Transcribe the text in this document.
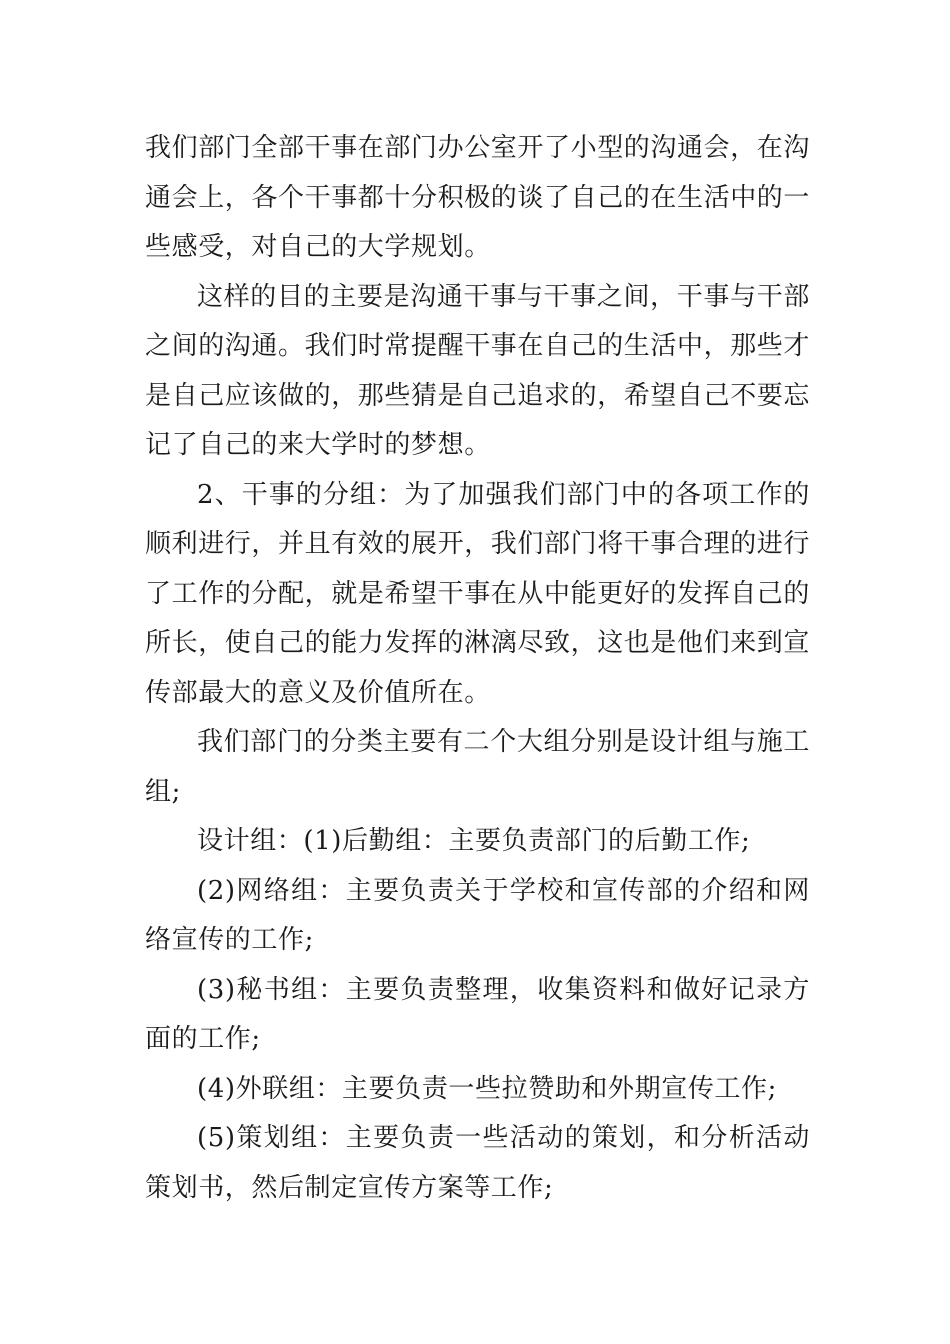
我们部门全部干事在部门办公室开了小型的沟通会，在沟通会上，各个干事都十分积极的谈了自己的在生活中的一些感受，对自己的大学规划。

这样的目的主要是沟通干事与干事之间，干事与干部之间的沟通。我们时常提醒干事在自己的生活中，那些才是自己应该做的，那些猜是自己追求的，希望自己不要忘记了自己的来大学时的梦想。

2、干事的分组：为了加强我们部门中的各项工作的顺利进行，并且有效的展开，我们部门将干事合理的进行了工作的分配，就是希望干事在从中能更好的发挥自己的所长，使自己的能力发挥的淋漓尽致，这也是他们来到宣传部最大的意义及价值所在。

我们部门的分类主要有二个大组分别是设计组与施工组;

设计组：(1)后勤组：主要负责部门的后勤工作;

(2)网络组：主要负责关于学校和宣传部的介绍和网络宣传的工作;

(3)秘书组：主要负责整理，收集资料和做好记录方面的工作;

(4)外联组：主要负责一些拉赞助和外期宣传工作;

(5)策划组：主要负责一些活动的策划，和分析活动策划书，然后制定宣传方案等工作;
